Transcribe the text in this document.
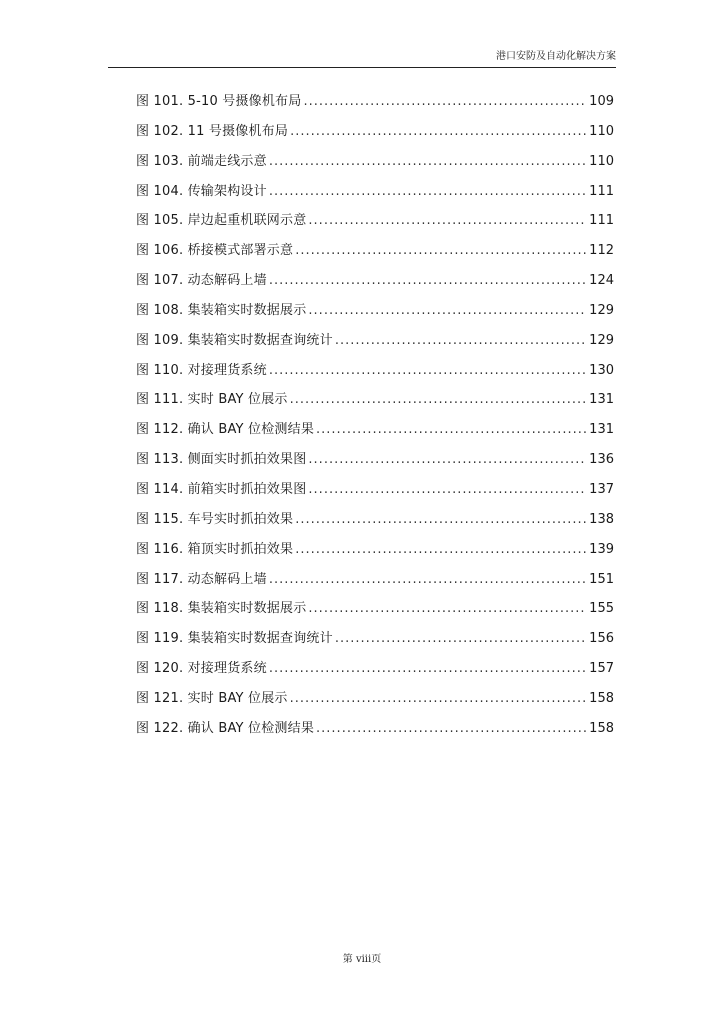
港口安防及自动化解决方案
图 101. 5-10 号摄像机布局 .....	109
图 102. 11 号摄像机布局 .....	110
图 103. 前端走线示意 .....	110
图 104. 传输架构设计 .....	111
图 105. 岸边起重机联网示意 .....	111
图 106. 桥接模式部署示意 .....	112
图 107. 动态解码上墙 .....	124
图 108. 集装箱实时数据展示 .....	129
图 109. 集装箱实时数据查询统计 .....	129
图 110. 对接理货系统 .....	130
图 111. 实时 BAY 位展示 .....	131
图 112. 确认 BAY 位检测结果 .....	131
图 113. 侧面实时抓拍效果图 .....	136
图 114. 前箱实时抓拍效果图 .....	137
图 115. 车号实时抓拍效果 .....	138
图 116. 箱顶实时抓拍效果 .....	139
图 117. 动态解码上墙 .....	151
图 118. 集装箱实时数据展示 .....	155
图 119. 集装箱实时数据查询统计 .....	156
图 120. 对接理货系统 .....	157
图 121. 实时 BAY 位展示 .....	158
图 122. 确认 BAY 位检测结果 .....	158
第 viii页
